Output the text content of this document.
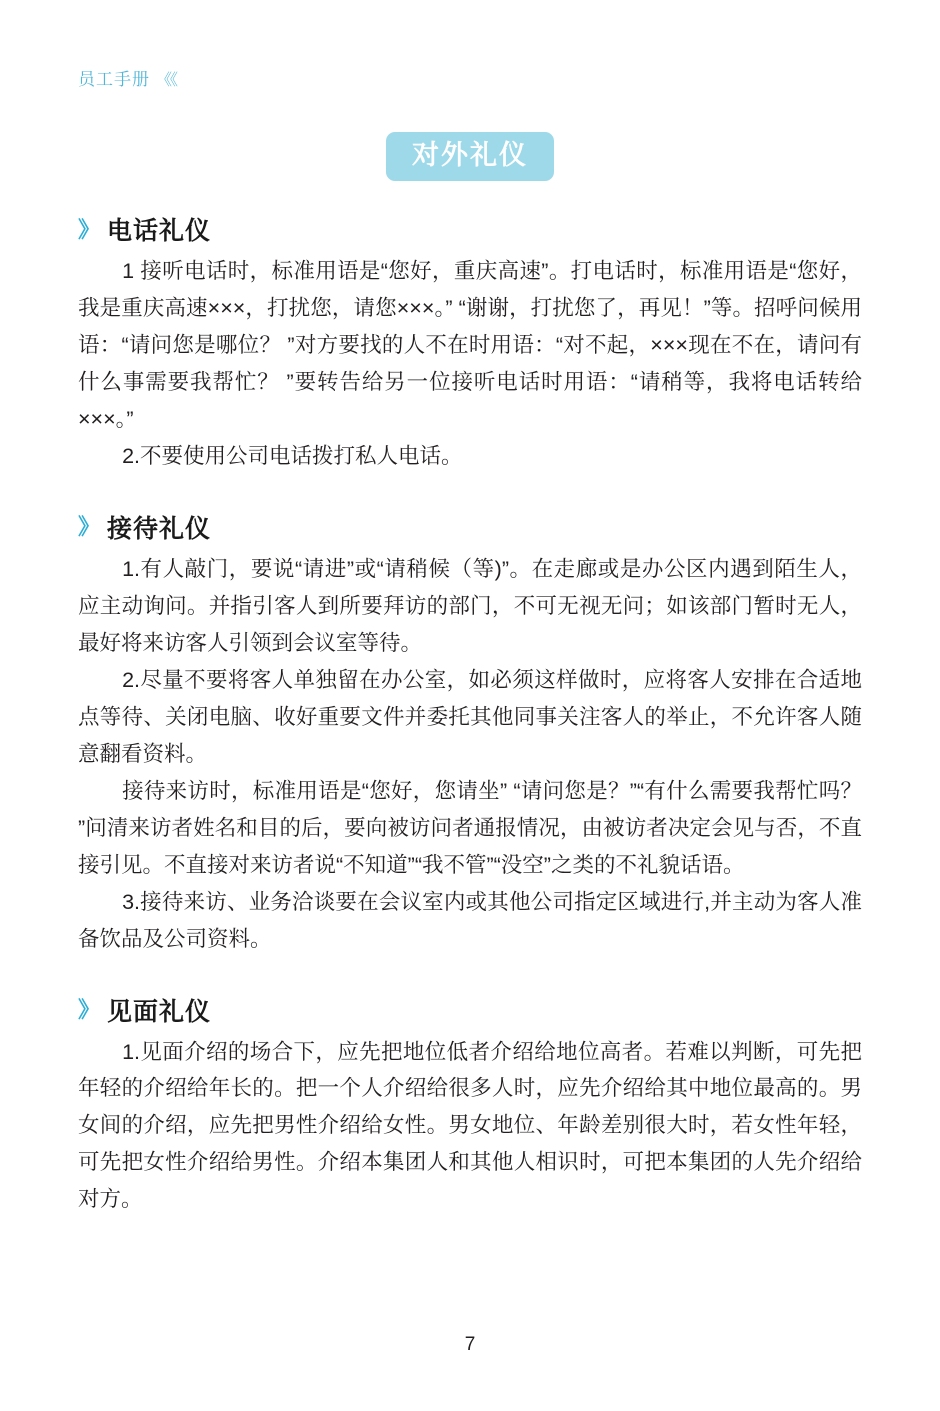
员工手册 《《
对外礼仪
》 电话礼仪

1 接听电话时，标准用语是“您好，重庆高速”。打电话时，标准用语是“您好，我是重庆高速×××，打扰您，请您×××。” “谢谢，打扰您了，再见！”等。招呼问候用语：“请问您是哪位？ ”对方要找的人不在时用语：“对不起，×××现在不在，请问有什么事需要我帮忙？ ”要转告给另一位接听电话时用语：“请稍等，我将电话转给×××。”

2.不要使用公司电话拨打私人电话。

》 接待礼仪

1.有人敲门，要说“请进”或“请稍候（等)”。在走廊或是办公区内遇到陌生人，应主动询问。并指引客人到所要拜访的部门，不可无视无问；如该部门暂时无人，最好将来访客人引领到会议室等待。

2.尽量不要将客人单独留在办公室，如必须这样做时，应将客人安排在合适地点等待、关闭电脑、收好重要文件并委托其他同事关注客人的举止，不允许客人随意翻看资料。

接待来访时，标准用语是“您好，您请坐” “请问您是？”“有什么需要我帮忙吗？ ”问清来访者姓名和目的后，要向被访问者通报情况，由被访者决定会见与否，不直接引见。不直接对来访者说“不知道”“我不管”“没空”之类的不礼貌话语。

3.接待来访、业务洽谈要在会议室内或其他公司指定区域进行,并主动为客人准备饮品及公司资料。

》 见面礼仪

1.见面介绍的场合下，应先把地位低者介绍给地位高者。若难以判断，可先把年轻的介绍给年长的。把一个人介绍给很多人时，应先介绍给其中地位最高的。男女间的介绍，应先把男性介绍给女性。男女地位、年龄差别很大时，若女性年轻，可先把女性介绍给男性。介绍本集团人和其他人相识时，可把本集团的人先介绍给对方。

7
